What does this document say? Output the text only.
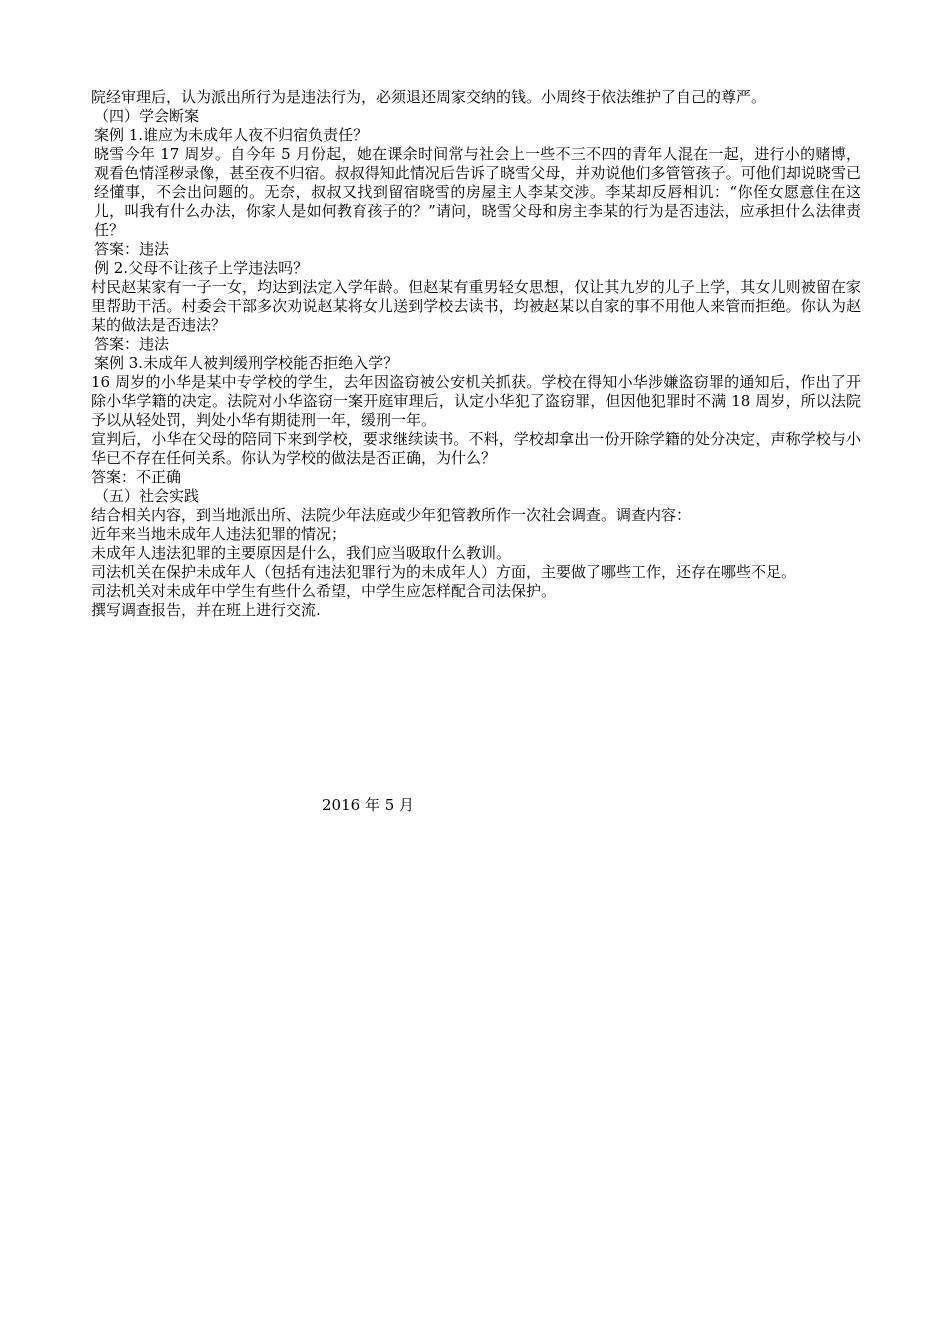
院经审理后，认为派出所行为是违法行为，必须退还周家交纳的钱。小周终于依法维护了自己的尊严。

（四）学会断案

案例 1.谁应为未成年人夜不归宿负责任？

晓雪今年 17 周岁。自今年 5 月份起，她在课余时间常与社会上一些不三不四的青年人混在一起，进行小的赌博，观看色情淫秽录像，甚至夜不归宿。叔叔得知此情况后告诉了晓雪父母，并劝说他们多管管孩子。可他们却说晓雪已经懂事，不会出问题的。无奈，叔叔又找到留宿晓雪的房屋主人李某交涉。李某却反唇相讥：“你侄女愿意住在这儿，叫我有什么办法，你家人是如何教育孩子的？”请问，晓雪父母和房主李某的行为是否违法，应承担什么法律责任？

答案：违法

例 2.父母不让孩子上学违法吗？

村民赵某家有一子一女，均达到法定入学年龄。但赵某有重男轻女思想，仅让其九岁的儿子上学，其女儿则被留在家里帮助干活。村委会干部多次劝说赵某将女儿送到学校去读书，均被赵某以自家的事不用他人来管而拒绝。你认为赵某的做法是否违法？

答案：违法

案例 3.未成年人被判缓刑学校能否拒绝入学？

16 周岁的小华是某中专学校的学生，去年因盗窃被公安机关抓获。学校在得知小华涉嫌盗窃罪的通知后，作出了开除小华学籍的决定。法院对小华盗窃一案开庭审理后，认定小华犯了盗窃罪，但因他犯罪时不满 18 周岁，所以法院予以从轻处罚，判处小华有期徒刑一年，缓刑一年。

宣判后，小华在父母的陪同下来到学校，要求继续读书。不料，学校却拿出一份开除学籍的处分决定，声称学校与小华已不存在任何关系。你认为学校的做法是否正确，为什么？

答案：不正确

（五）社会实践

结合相关内容，到当地派出所、法院少年法庭或少年犯管教所作一次社会调查。调查内容：

近年来当地未成年人违法犯罪的情况；

未成年人违法犯罪的主要原因是什么，我们应当吸取什么教训。

司法机关在保护未成年人（包括有违法犯罪行为的未成年人）方面，主要做了哪些工作，还存在哪些不足。

司法机关对未成年中学生有些什么希望，中学生应怎样配合司法保护。

撰写调查报告，并在班上进行交流.

2016 年 5 月
